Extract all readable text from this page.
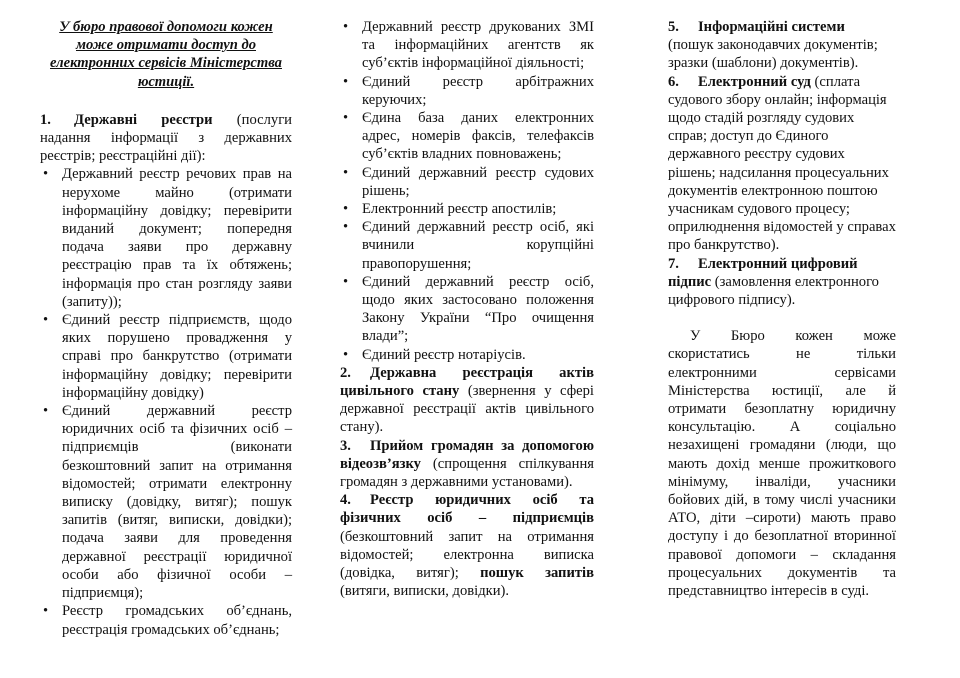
У бюро правової допомоги кожен може отримати доступ до електронних сервісів Міністерства юстиції.

1. Державні реєстри (послуги надання інформації з державних реєстрів; реєстраційні дії):

• Державний реєстр речових прав на нерухоме майно (отримати інформаційну довідку; перевірити виданий документ; попередня подача заяви про державну реєстрацію прав та їх обтяжень; інформація про стан розгляду заяви (запиту));
• Єдиний реєстр підприємств, щодо яких порушено провадження у справі про банкрутство (отримати інформаційну довідку; перевірити інформаційну довідку)
• Єдиний державний реєстр юридичних осіб та фізичних осіб – підприємців (виконати безкоштовний запит на отримання відомостей; отримати електронну виписку (довідку, витяг); пошук запитів (витяг, виписки, довідки); подача заяви для проведення державної реєстрації юридичної особи або фізичної особи – підприємця);
• Реєстр громадських об’єднань, реєстрація громадських об’єднань;
• Державний реєстр друкованих ЗМІ та інформаційних агентств як суб’єктів інформаційної діяльності;
• Єдиний реєстр арбітражних керуючих;
• Єдина база даних електронних адрес, номерів факсів, телефаксів суб’єктів владних повноважень;
• Єдиний державний реєстр судових рішень;
• Електронний реєстр апостилів;
• Єдиний державний реєстр осіб, які вчинили корупційні правопорушення;
• Єдиний державний реєстр осіб, щодо яких застосовано положення Закону України “Про очищення влади”;
• Єдиний реєстр нотаріусів.

2. Державна реєстрація актів цивільного стану (звернення у сфері державної реєстрації актів цивільного стану).

3. Прийом громадян за допомогою відеозв’язку (спрощення спілкування громадян з державними установами).

4. Реєстр юридичних осіб та фізичних осіб – підприємців (безкоштовний запит на отримання відомостей; електронна виписка (довідка, витяг); пошук запитів (витяги, виписки, довідки).

5. Інформаційні системи
(пошук законодавчих документів; зразки (шаблони) документів).

6. Електронний суд (сплата судового збору онлайн; інформація щодо стадій розгляду судових справ; доступ до Єдиного державного реєстру судових рішень; надсилання процесуальних документів електронною поштою учасникам судового процесу; оприлюднення відомостей у справах про банкрутство).

7. Електронний цифровий підпис (замовлення електронного цифрового підпису).

У Бюро кожен може скористатись не тільки електронними сервісами Міністерства юстиції, але й отримати безоплатну юридичну консультацію. А соціально незахищені громадяни (люди, що мають дохід менше прожиткового мінімуму, інваліди, учасники бойових дій, в тому числі учасники АТО, діти –сироти) мають право доступу і до безоплатної вторинної правової допомоги – складання процесуальних документів та представництво інтересів в суді.
